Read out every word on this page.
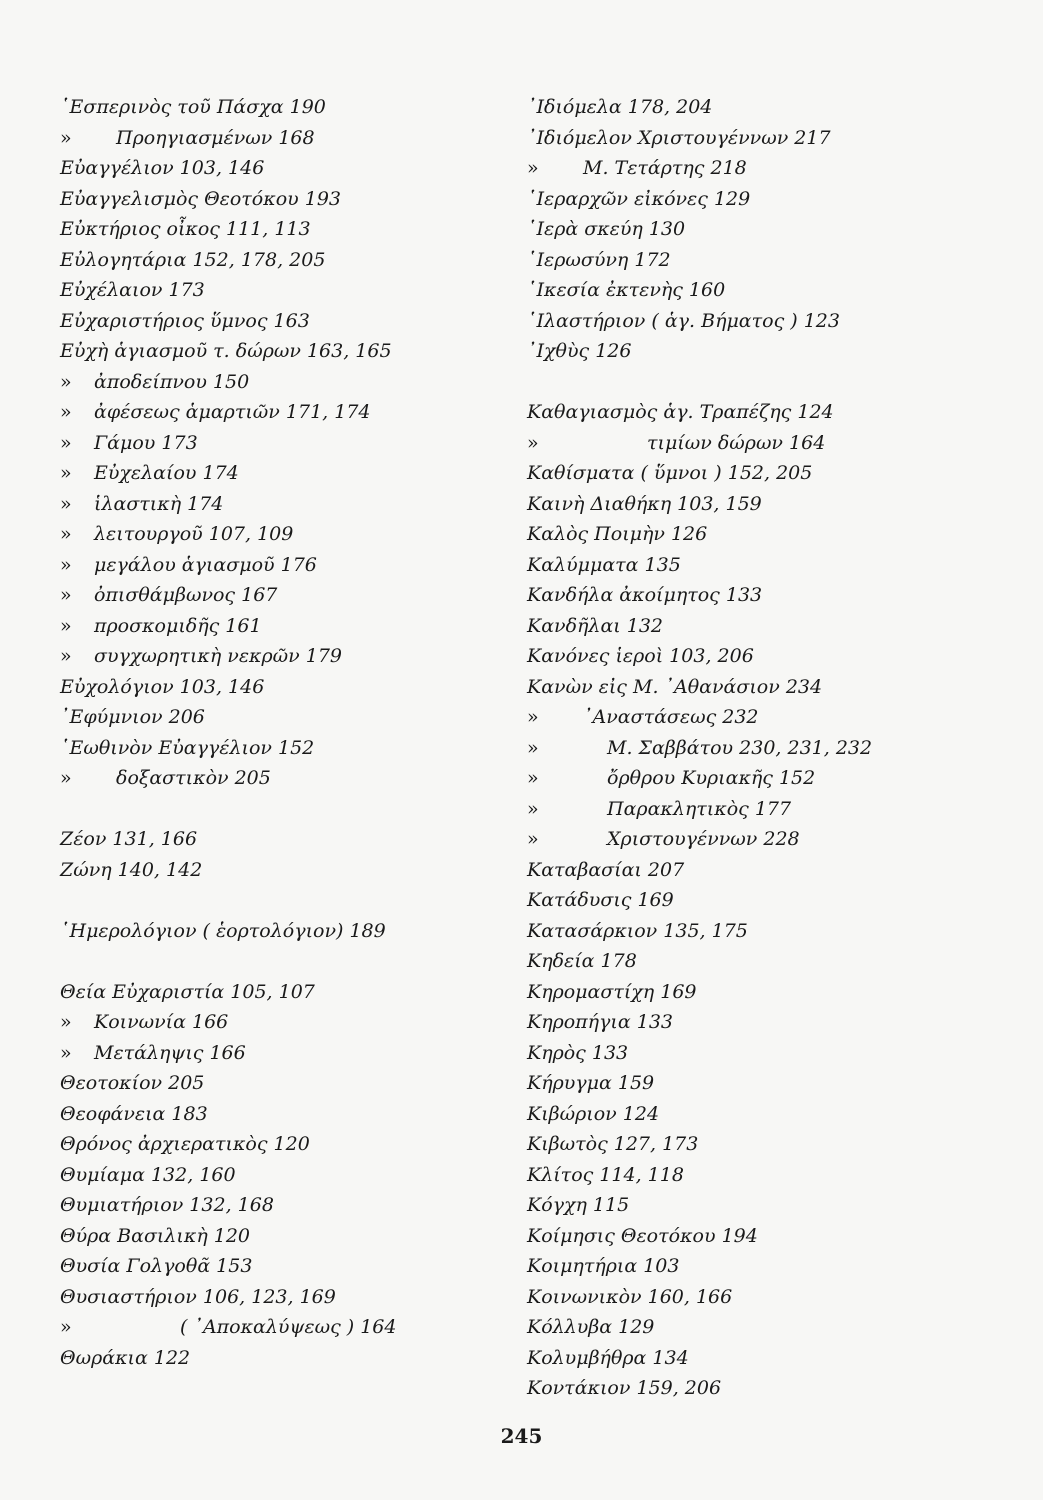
῾Εσπερινὸς τοῦ Πάσχα 190
» Προηγιασμένων 168
Εὐαγγέλιον 103, 146
Εὐαγγελισμὸς Θεοτόκου 193
Εὐκτήριος οἶκος 111, 113
Εὐλογητάρια 152, 178, 205
Εὐχέλαιον 173
Εὐχαριστήριος ὕμνος 163
Εὐχὴ ἁγιασμοῦ τ. δώρων 163, 165
» ἀποδείπνου 150
» ἀφέσεως ἁμαρτιῶν 171, 174
» Γάμου 173
» Εὐχελαίου 174
» ἱλαστικὴ 174
» λειτουργοῦ 107, 109
» μεγάλου ἁγιασμοῦ 176
» ὀπισθάμβωνος 167
» προσκομιδῆς 161
» συγχωρητικὴ νεκρῶν 179
Εὐχολόγιον 103, 146
᾿Εφύμνιον 206
῾Εωθινὸν Εὐαγγέλιον 152
» δοξαστικὸν 205
Ζέον 131, 166
Ζώνη 140, 142
῾Ημερολόγιον ( ἑορτολόγιον) 189
Θεία Εὐχαριστία 105, 107
» Κοινωνία 166
» Μετάληψις 166
Θεοτοκίον 205
Θεοφάνεια 183
Θρόνος ἀρχιερατικὸς 120
Θυμίαμα 132, 160
Θυμιατήριον 132, 168
Θύρα Βασιλικὴ 120
Θυσία Γολγοθᾶ 153
Θυσιαστήριον 106, 123, 169
»	( ᾿Αποκαλύψεως ) 164
Θωράκια 122
᾿Ιδιόμελα 178, 204
᾿Ιδιόμελον Χριστουγέννων 217
» Μ. Τετάρτης 218
῾Ιεραρχῶν εἰκόνες 129
῾Ιερὰ σκεύη 130
῾Ιερωσύνη 172
῾Ικεσία ἐκτενὴς 160
῾Ιλαστήριον ( ἁγ. Βήματος ) 123
᾿Ιχθὺς 126
Καθαγιασμὸς ἁγ. Τραπέζης 124
»	τιμίων δώρων 164
Καθίσματα ( ὕμνοι ) 152, 205
Καινὴ Διαθήκη 103, 159
Καλὸς Ποιμὴν 126
Καλύμματα 135
Κανδήλα ἀκοίμητος 133
Κανδῆλαι 132
Κανόνες ἱεροὶ 103, 206
Κανὼν εἰς Μ. ᾿Αθανάσιον 234
» ᾿Αναστάσεως 232
»	Μ. Σαββάτου 230, 231, 232
»	ὄρθρου Κυριακῆς 152
»	Παρακλητικὸς 177
»	Χριστουγέννων 228
Καταβασίαι 207
Κατάδυσις 169
Κατασάρκιον 135, 175
Κηδεία 178
Κηρομαστίχη 169
Κηροπήγια 133
Κηρὸς 133
Κήρυγμα 159
Κιβώριον 124
Κιβωτὸς 127, 173
Κλίτος 114, 118
Κόγχη 115
Κοίμησις Θεοτόκου 194
Κοιμητήρια 103
Κοινωνικὸν 160, 166
Κόλλυβα 129
Κολυμβήθρα 134
Κοντάκιον 159, 206
245
